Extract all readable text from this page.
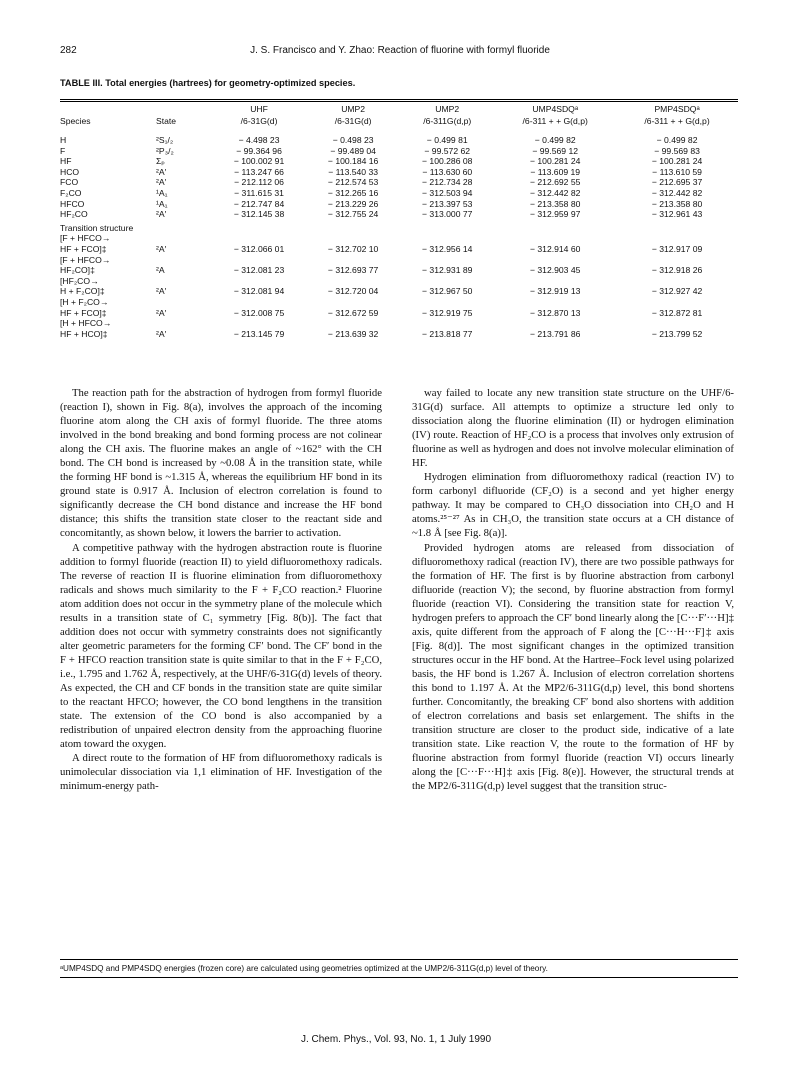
282	J. S. Francisco and Y. Zhao: Reaction of fluorine with formyl fluoride
TABLE III. Total energies (hartrees) for geometry-optimized species.
		UHF	UMP2	UMP2	UMP4SDQᵃ	PMP4SDQᵃ
Species	State	/6-31G(d)	/6-31G(d)	/6-311G(d,p)	/6-311 + + G(d,p)	/6-311 + + G(d,p)

H	²S₁/₂	− 4.498 23	− 0.498 23	− 0.499 81	− 0.499 82	− 0.499 82
F	²P₃/₂	− 99.364 96	− 99.489 04	− 99.572 62	− 99.569 12	− 99.569 83
HF	Σₚ	− 100.002 91	− 100.184 16	− 100.286 08	− 100.281 24	− 100.281 24
HCO	²A′	− 113.247 66	− 113.540 33	− 113.630 60	− 113.609 19	− 113.610 59
FCO	²A′	− 212.112 06	− 212.574 53	− 212.734 28	− 212.692 55	− 212.695 37
F₂CO	¹A₁	− 311.615 31	− 312.265 16	− 312.503 94	− 312.442 82	− 312.442 82
HFCO	¹A₁	− 212.747 84	− 213.229 26	− 213.397 53	− 213.358 80	− 213.358 80
HF₂CO	²A′	− 312.145 38	− 312.755 24	− 313.000 77	− 312.959 97	− 312.961 43
Transition structure						
[F + HFCO→						
HF + FCO]‡	²A′	− 312.066 01	− 312.702 10	− 312.956 14	− 312.914 60	− 312.917 09
[F + HFCO→						
HF₂CO]‡	²A	− 312.081 23	− 312.693 77	− 312.931 89	− 312.903 45	− 312.918 26
[HF₂CO→						
H + F₂CO]‡	²A′	− 312.081 94	− 312.720 04	− 312.967 50	− 312.919 13	− 312.927 42
[H + F₂CO→						
HF + FCO]‡	²A′	− 312.008 75	− 312.672 59	− 312.919 75	− 312.870 13	− 312.872 81
[H + HFCO→						
HF + HCO]‡	²A′	− 213.145 79	− 213.639 32	− 213.818 77	− 213.791 86	− 213.799 52
ᵃUMP4SDQ and PMP4SDQ energies (frozen core) are calculated using geometries optimized at the UMP2/6-311G(d,p) level of theory.

The reaction path for the abstraction of hydrogen from formyl fluoride (reaction I), shown in Fig. 8(a), involves the approach of the incoming fluorine atom along the CH axis of formyl fluoride. The three atoms involved in the bond breaking and bond forming process are not colinear along the CH axis. The fluorine makes an angle of ~162° with the CH bond. The CH bond is increased by ~0.08 Å in the transition state, while the forming HF bond is ~1.315 Å, whereas the equilibrium HF bond in its ground state is 0.917 Å. Inclusion of electron correlation is found to significantly decrease the CH bond distance and increase the HF bond distance; this shifts the transition state closer to the reactant side and concomitantly, as shown below, it lowers the barrier to activation.

A competitive pathway with the hydrogen abstraction route is fluorine addition to formyl fluoride (reaction II) to yield difluoromethoxy radicals. The reverse of reaction II is fluorine elimination from difluoromethoxy radicals and shows much similarity to the F + F₂CO reaction.² Fluorine atom addition does not occur in the symmetry plane of the molecule which results in a transition state of C₁ symmetry [Fig. 8(b)]. The fact that addition does not occur with symmetry constraints does not significantly alter geometric parameters for the forming CF′ bond. The CF′ bond in the F + HFCO reaction transition state is quite similar to that in the F + F₂CO, i.e., 1.795 and 1.762 Å, respectively, at the UHF/6-31G(d) levels of theory. As expected, the CH and CF bonds in the transition state are quite similar to the reactant HFCO; however, the CO bond lengthens in the transition state. The extension of the CO bond is also accompanied by a redistribution of unpaired electron density from the approaching fluorine atom toward the oxygen.

A direct route to the formation of HF from difluoromethoxy radicals is unimolecular dissociation via 1,1 elimination of HF. Investigation of the minimum-energy path-

way failed to locate any new transition state structure on the UHF/6-31G(d) surface. All attempts to optimize a structure led only to dissociation along the fluorine elimination (II) or hydrogen elimination (IV) route. Reaction of HF₂CO is a process that involves only extrusion of fluorine as well as hydrogen and does not involve molecular elimination of HF.

Hydrogen elimination from difluoromethoxy radical (reaction IV) to form carbonyl difluoride (CF₂O) is a second and yet higher energy pathway. It may be compared to CH₃O dissociation into CH₂O and H atoms.²⁵⁻²⁷ As in CH₃O, the transition state occurs at a CH distance of ~1.8 Å [see Fig. 8(a)].

Provided hydrogen atoms are released from dissociation of difluoromethoxy radical (reaction IV), there are two possible pathways for the formation of HF. The first is by fluorine abstraction from carbonyl difluoride (reaction V); the second, by fluorine abstraction from formyl fluoride (reaction VI). Considering the transition state for reaction V, hydrogen prefers to approach the CF′ bond linearly along the [C···F′···H]‡ axis, quite different from the approach of F along the [C···H···F]‡ axis [Fig. 8(d)]. The most significant changes in the optimized transition structures occur in the HF bond. At the Hartree–Fock level using polarized basis, the HF bond is 1.267 Å. Inclusion of electron correlation shortens this bond to 1.197 Å. At the MP2/6-311G(d,p) level, this bond shortens further. Concomitantly, the breaking CF′ bond also shortens with addition of electron correlations and basis set enlargement. The shifts in the transition structure are closer to the product side, indicative of a late transition state. Like reaction V, the route to the formation of HF by fluorine abstraction from formyl fluoride (reaction VI) occurs linearly along the [C···F···H]‡ axis [Fig. 8(e)]. However, the structural trends at the MP2/6-311G(d,p) level suggest that the transition struc-

J. Chem. Phys., Vol. 93, No. 1, 1 July 1990
